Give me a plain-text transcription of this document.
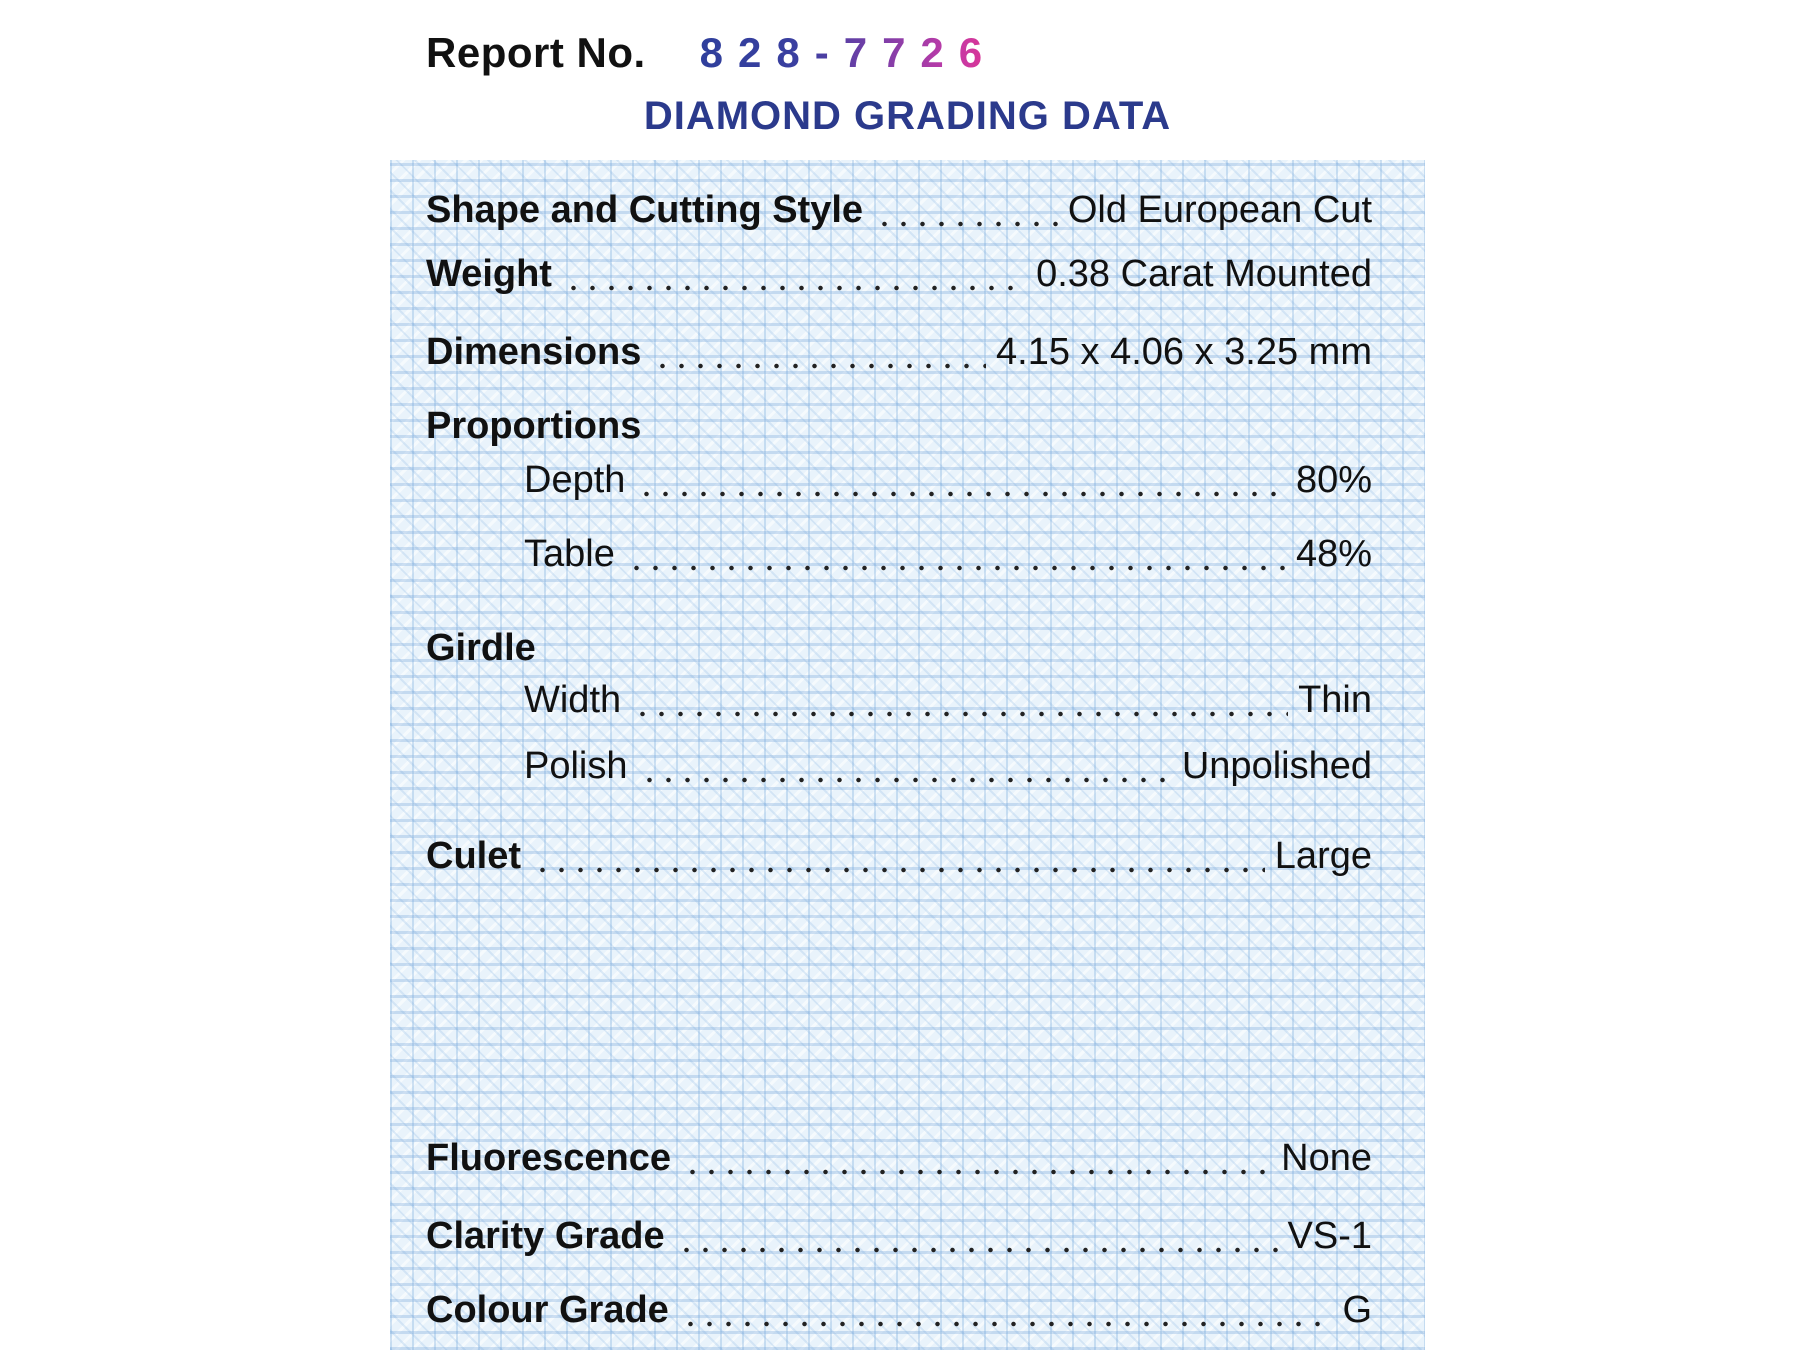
Report No. 828-7726
DIAMOND GRADING DATA
Shape and Cutting Style	Old European Cut
Weight	0.38 Carat Mounted
Dimensions	4.15 x 4.06 x 3.25 mm
Proportions
Depth	80%
Table	48%
Girdle
Width	Thin
Polish	Unpolished
Culet	Large
Fluorescence	None
Clarity Grade	VS-1
Colour Grade	G
